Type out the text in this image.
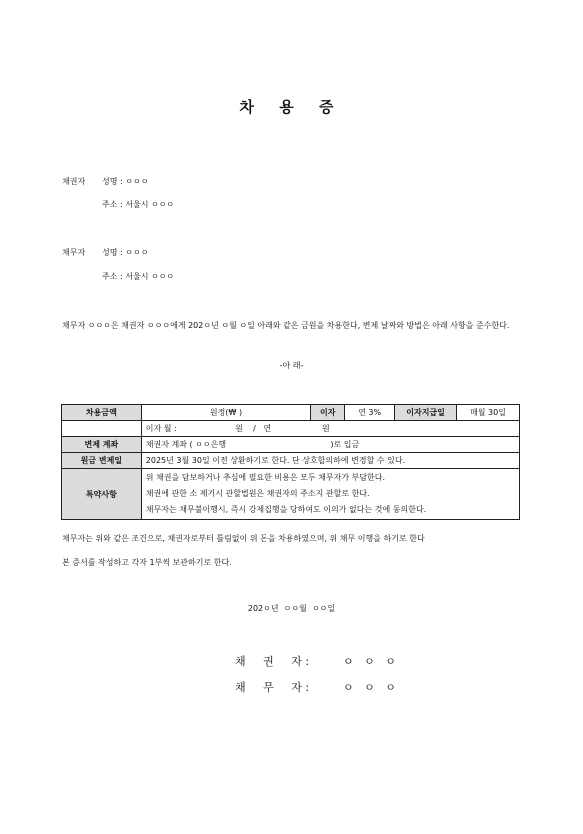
차 용 증
채권자 성명 : ㅇㅇㅇ
주소 : 서울시 ㅇㅇㅇ
채무자 성명 : ㅇㅇㅇ
주소 : 서울시 ㅇㅇㅇ
채무자 ㅇㅇㅇ은 채권자 ㅇㅇㅇ에게 202ㅇ년 ㅇ월 ㅇ일 아래와 같은 금원을 차용한다, 변제 날짜와 방법은 아래 사항을 준수한다.
-아 래-
차용금액	원정(₩ )	이자	연 3%	이자지급일	매월 30일
	이자 월 :                       원    /   연                    원				
변제 계좌	채권자 계좌 ( ㅇㅇ은행                                         )로 입금				
원금 변제일	2025년 3월 30일 이전 상환하기로 한다. 단 상호합의하에 변경할 수 있다.				
특약사항	위 채권을 담보하거나 추심에 필요한 비용은 모두 채무자가 부담한다.
채권에 관한 소 제기시 관할법원은 채권자의 주소지 관할로 한다.
채무자는 채무불이행시, 즉시 강제집행을 당하여도 이의가 없다는 것에 동의한다.				
채무자는 위와 같은 조건으로, 채권자로부터 틀림없이 위 돈을 차용하였으며, 위 채무 이행을 하기로 한다
본 증서를 작성하고 각자 1부씩 보관하기로 한다.
202ㅇ년  ㅇㅇ월  ㅇㅇ일
채     권     자 :	ㅇ   ㅇ   ㅇ
채     무     자 :	ㅇ   ㅇ   ㅇ
